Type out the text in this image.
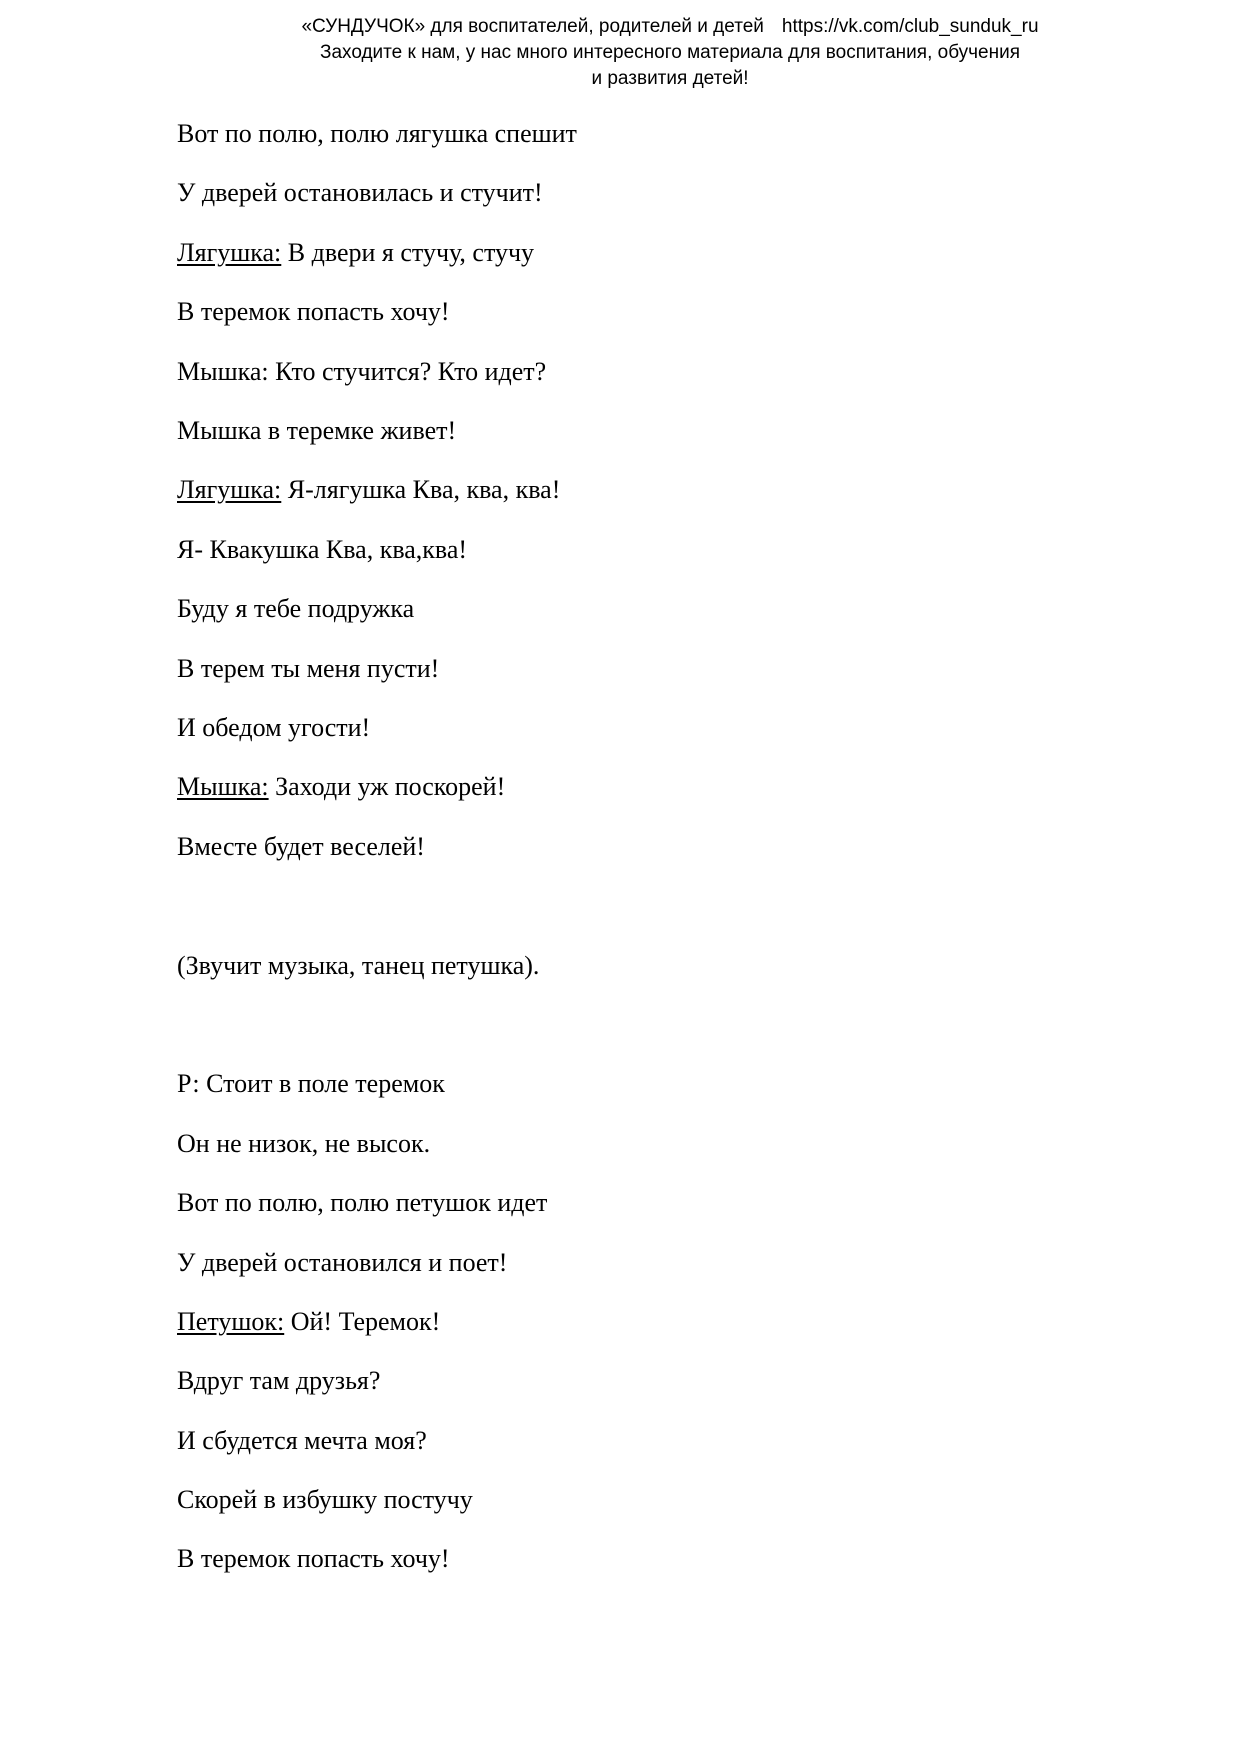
«СУНДУЧОК» для воспитателей, родителей и детей https://vk.com/club_sunduk_ru
Заходите к нам, у нас много интересного материала для воспитания, обучения
и развития детей!
Вот по полю, полю лягушка спешит
У дверей остановилась и стучит!
Лягушка: В двери я стучу, стучу
В теремок попасть хочу!
Мышка: Кто стучится? Кто идет?
Мышка в теремке живет!
Лягушка: Я-лягушка Ква, ква, ква!
Я- Квакушка Ква, ква,ква!
Буду я тебе подружка
В терем ты меня пусти!
И обедом угости!
Мышка: Заходи уж поскорей!
Вместе будет веселей!
(Звучит музыка, танец петушка).
Р: Стоит в поле теремок
Он не низок, не высок.
Вот по полю, полю петушок идет
У дверей остановился и поет!
Петушок: Ой! Теремок!
Вдруг там друзья?
И сбудется мечта моя?
Скорей в избушку постучу
В теремок попасть хочу!
